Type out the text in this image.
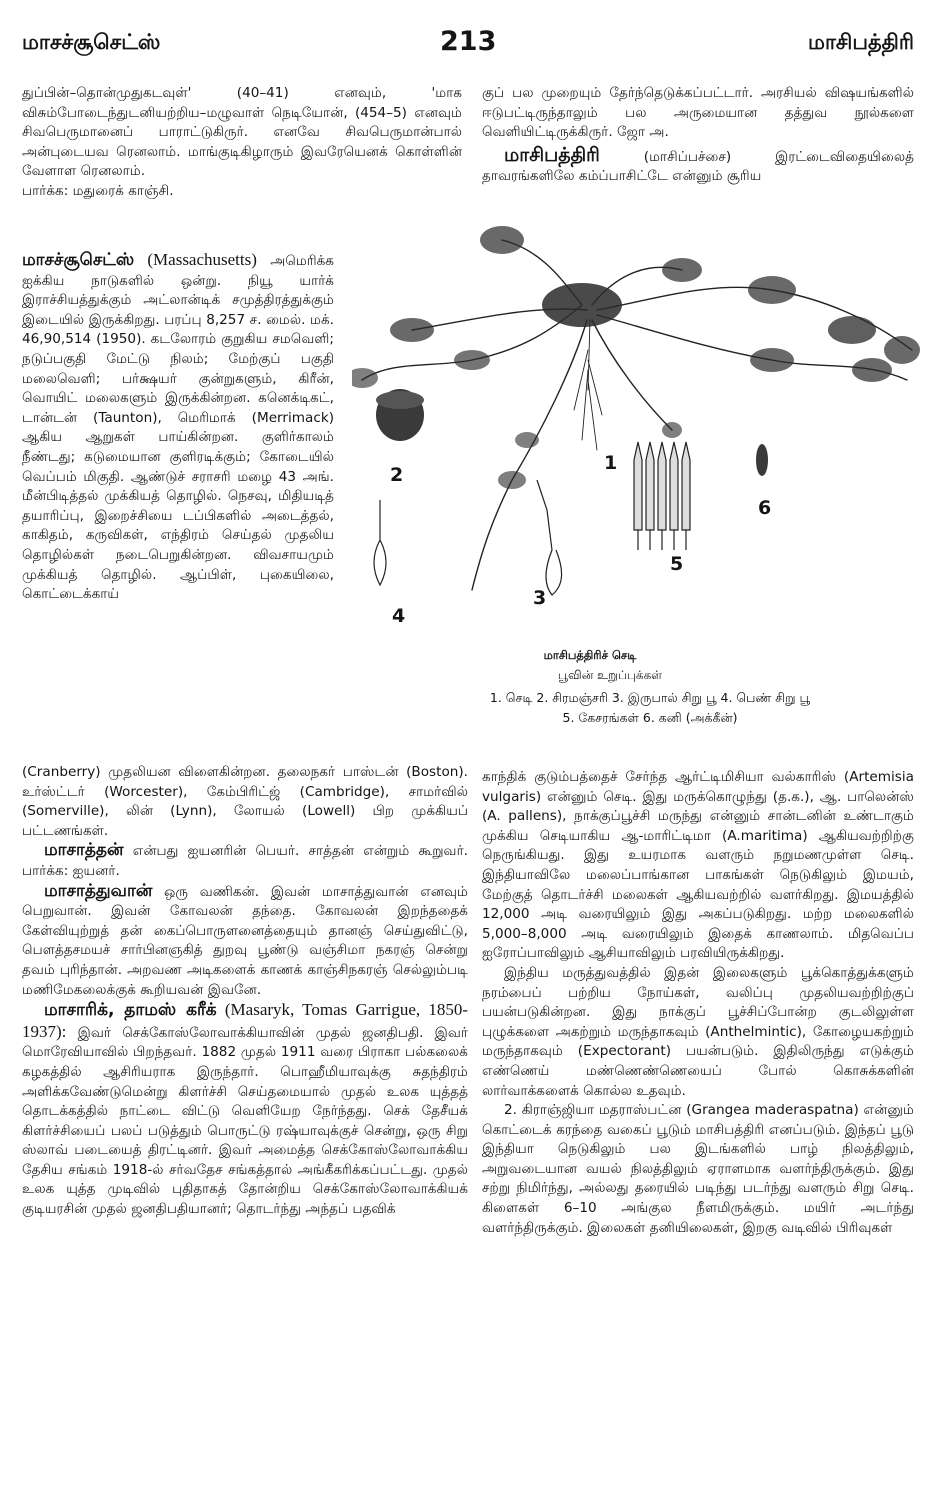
மாசச்சூசெட்ஸ்	213	மாசிபத்திரி

துப்பின்–தொன்முதுகடவுள்' (40–41) எனவும், 'மாக விசும்போடைந்துடனியற்றிய–மழுவாள் நெடியோன், (454–5) எனவும் சிவபெருமானைப் பாராட்டுகிருர். எனவே சிவபெருமான்பால் அன்புடையவ ரெனலாம். மாங்குடிகிழாரும் இவரேயெனக் கொள்ளின் வேளாள ரெனலாம்.

பார்க்க: மதுரைக் காஞ்சி.

மாசச்சூசெட்ஸ் (Massachusetts) அமெரிக்க ஐக்கிய நாடுகளில் ஒன்று. நியூ யார்க் இராச்சியத்துக்கும் அட்லான்டிக் சமுத்திரத்துக்கும் இடையில் இருக்கிறது. பரப்பு 8,257 ச. மைல். மக். 46,90,514 (1950). கடலோரம் குறுகிய சமவெளி; நடுப்பகுதி மேட்டு நிலம்; மேற்குப் பகுதி மலைவெளி; பர்க்ஷயர் குன்றுகளும், கிரீன், வொயிட் மலைகளும் இருக்கின்றன. கனெக்டிகட், டான்டன் (Taunton), மெரிமாக் (Merrimack) ஆகிய ஆறுகள் பாய்கின்றன. குளிர்காலம் நீண்டது; கடுமையான குளிரடிக்கும்; கோடையில் வெப்பம் மிகுதி. ஆண்டுச் சராசரி மழை 43 அங். மீன்பிடித்தல் முக்கியத் தொழில். நெசவு, மிதியடித் தயாரிப்பு, இறைச்சியை டப்பிகளில் அடைத்தல், காகிதம், கருவிகள், எந்திரம் செய்தல் முதலிய தொழில்கள் நடைபெறுகின்றன. விவசாயமும் முக்கியத் தொழில். ஆப்பிள், புகையிலை, கொட்டைக்காய்

(Cranberry) முதலியன விளைகின்றன. தலைநகர் பாஸ்டன் (Boston). உர்ஸ்ட்டர் (Worcester), கேம்பிரிட்ஜ் (Cambridge), சாமர்வில் (Somerville), லின் (Lynn), லோயல் (Lowell) பிற முக்கியப் பட்டணங்கள்.

மாசாத்தன் என்பது ஐயனரின் பெயர். சாத்தன் என்றும் கூறுவர். பார்க்க: ஐயனர்.

மாசாத்துவான் ஒரு வணிகன். இவன் மாசாத்துவான் எனவும் பெறுவான். இவன் கோவலன் தந்தை. கோவலன் இறந்ததைக் கேள்வியுற்றுத் தன் கைப்பொருளனைத்தையும் தானஞ் செய்துவிட்டு, பௌத்தசமயச் சார்பினஞகித் துறவு பூண்டு வஞ்சிமா நகரஞ் சென்று தவம் புரிந்தான். அறவண அடிகளைக் காணக் காஞ்சிநகரஞ் செல்லும்படி மணிமேகலைக்குக் கூறியவன் இவனே.

மாசாரிக், தாமஸ் கரீக் (Masaryk, Tomas Garrigue, 1850-1937): இவர் செக்கோஸ்லோவாக்கியாவின் முதல் ஜனதிபதி. இவர் மொரேவியாவில் பிறந்தவர். 1882 முதல் 1911 வரை பிராகா பல்கலைக் கழகத்தில் ஆசிரியராக இருந்தார். பொஹீமியாவுக்கு சுதந்திரம் அளிக்கவேண்டுமென்று கிளர்ச்சி செய்தமையால் முதல் உலக யுத்தத் தொடக்கத்தில் நாட்டை விட்டு வெளியேற நேர்ந்தது. செக் தேசீயக் கிளர்ச்சியைப் பலப் படுத்தும் பொருட்டு ரஷ்யாவுக்குச் சென்று, ஒரு சிறு ஸ்லாவ் படையைத் திரட்டினர். இவர் அமைத்த செக்கோஸ்லோவாக்கிய தேசிய சங்கம் 1918-ல் சர்வதேச சங்கத்தால் அங்கீகரிக்கப்பட்டது. முதல் உலக யுத்த முடிவில் புதிதாகத் தோன்றிய செக்கோஸ்லோவாக்கியக் குடியரசின் முதல் ஜனதிபதியானர்; தொடர்ந்து அந்தப் பதவிக்

குப் பல முறையும் தேர்ந்தெடுக்கப்பட்டார். அரசியல் விஷயங்களில் ஈடுபட்டிருந்தாலும் பல அருமையான தத்துவ நூல்களை வெளியிட்டிருக்கிருர். ஜோ அ.

மாசிபத்திரி	(மாசிப்பச்சை) இரட்டைவிதையிலைத் தாவரங்களிலே கம்ப்பாசிட்டே என்னும் சூரிய

1
2
3
4
5
6
மாசிபத்திரிச் செடி
பூவின் உறுப்புக்கள்
1. செடி 2. சிரமஞ்சரி 3. இருபால் சிறு பூ 4. பெண் சிறு பூ
5. கேசரங்கள் 6. கனி (அக்கீன்)

காந்திக் குடும்பத்தைச் சேர்ந்த ஆர்ட்டிமிசியா வல்காரிஸ் (Artemisia vulgaris) என்னும் செடி. இது மருக்கொழுந்து (த.க.), ஆ. பாலென்ஸ் (A. pallens), நாக்குப்பூச்சி மருந்து என்னும் சான்டனின் உண்டாகும் முக்கிய செடியாகிய ஆ-மாரிட்டிமா (A.maritima) ஆகியவற்றிற்கு நெருங்கியது. இது உயரமாக வளரும் நறுமணமுள்ள செடி. இந்தியாவிலே மலைப்பாங்கான பாகங்கள் நெடுகிலும் இமயம், மேற்குத் தொடர்ச்சி மலைகள் ஆகியவற்றில் வளர்கிறது. இமயத்தில் 12,000 அடி வரையிலும் இது அகப்படுகிறது. மற்ற மலைகளில் 5,000–8,000 அடி வரையிலும் இதைக் காணலாம். மிதவெப்ப ஐரோப்பாவிலும் ஆசியாவிலும் பரவியிருக்கிறது.

இந்திய மருத்துவத்தில் இதன் இலைகளும் பூக்கொத்துக்களும் நரம்பைப் பற்றிய நோய்கள், வலிப்பு முதலியவற்றிற்குப் பயன்படுகின்றன. இது நாக்குப் பூச்சிப்போன்ற குடலிலுள்ள புழுக்களை அகற்றும் மருந்தாகவும் (Anthelmintic), கோழையகற்றும் மருந்தாகவும் (Expectorant) பயன்படும். இதிலிருந்து எடுக்கும் எண்ணெய் மண்ணெண்ணெயைப் போல் கொசுக்களின் லார்வாக்களைக் கொல்ல உதவும்.

2. கிராஞ்ஜியா மதராஸ்பட்ன (Grangea maderaspatna) என்னும் கொட்டைக் கரந்தை வகைப் பூடும் மாசிபத்திரி எனப்படும். இந்தப் பூடு இந்தியா நெடுகிலும் பல இடங்களில் பாழ் நிலத்திலும், அறுவடையான வயல் நிலத்திலும் ஏராளமாக வளர்ந்திருக்கும். இது சற்று நிமிர்ந்து, அல்லது தரையில் படிந்து படர்ந்து வளரும் சிறு செடி. கிளைகள் 6–10 அங்குல நீளமிருக்கும். மயிர் அடர்ந்து வளர்ந்திருக்கும். இலைகள் தனியிலைகள், இறகு வடிவில் பிரிவுகள்
